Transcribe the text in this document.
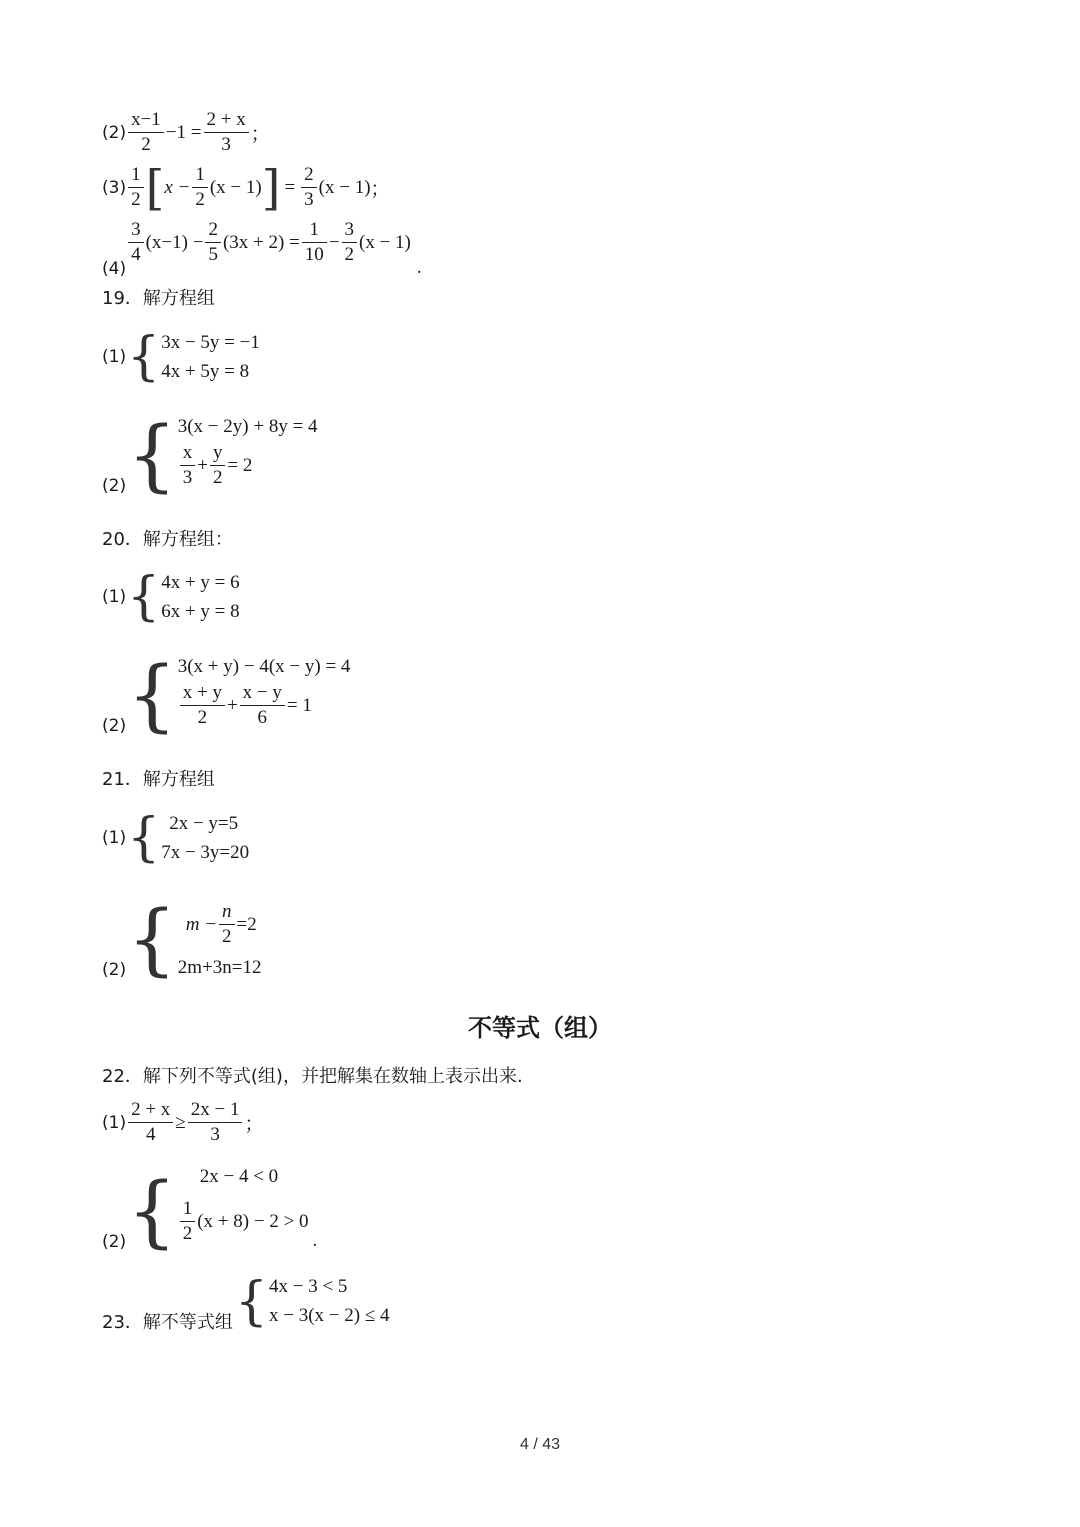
$(2) \frac{x-1}{2} -1 = \frac{2 + x}{3}$ ；
$(3) \frac{1}{2}$ [ $x - \frac{1}{2} (x - 1)$ ] = $\frac{2}{3} (x - 1)$ ；
(4)
$\frac{3}{4} (x-1) - \frac{2}{5} (3x + 2) = \frac{1}{10} - \frac{3}{2} (x - 1)$
.
19．解方程组
(1) { 3x − 5y = −1
4x + 5y = 8
(2) { 3(x − 2y) + 8y = 4
$\frac{x}{3} + \frac{y}{2} = 2$
20．解方程组：
(1) { 4x + y = 6
6x + y = 8
(2) { 3(x + y) − 4(x − y) = 4
$\frac{x + y}{2} + \frac{x - y}{6} = 1$
21．解方程组
(1) { 2x − y=5
7x − 3y=20
(2) { $m - \frac{n}{2} =2$
2m+3n=12
不等式（组）
22．解下列不等式(组)，并把解集在数轴上表示出来.
$(1) \frac{2 + x}{4} \ge \frac{2x - 1}{3}$ ；
(2) {	2x − 4 < 0
$\frac{1}{2} (x + 8) - 2 > 0$
.
23．解不等式组 { 4x − 3 < 5
x − 3(x − 2) ≤ 4
4 / 43
